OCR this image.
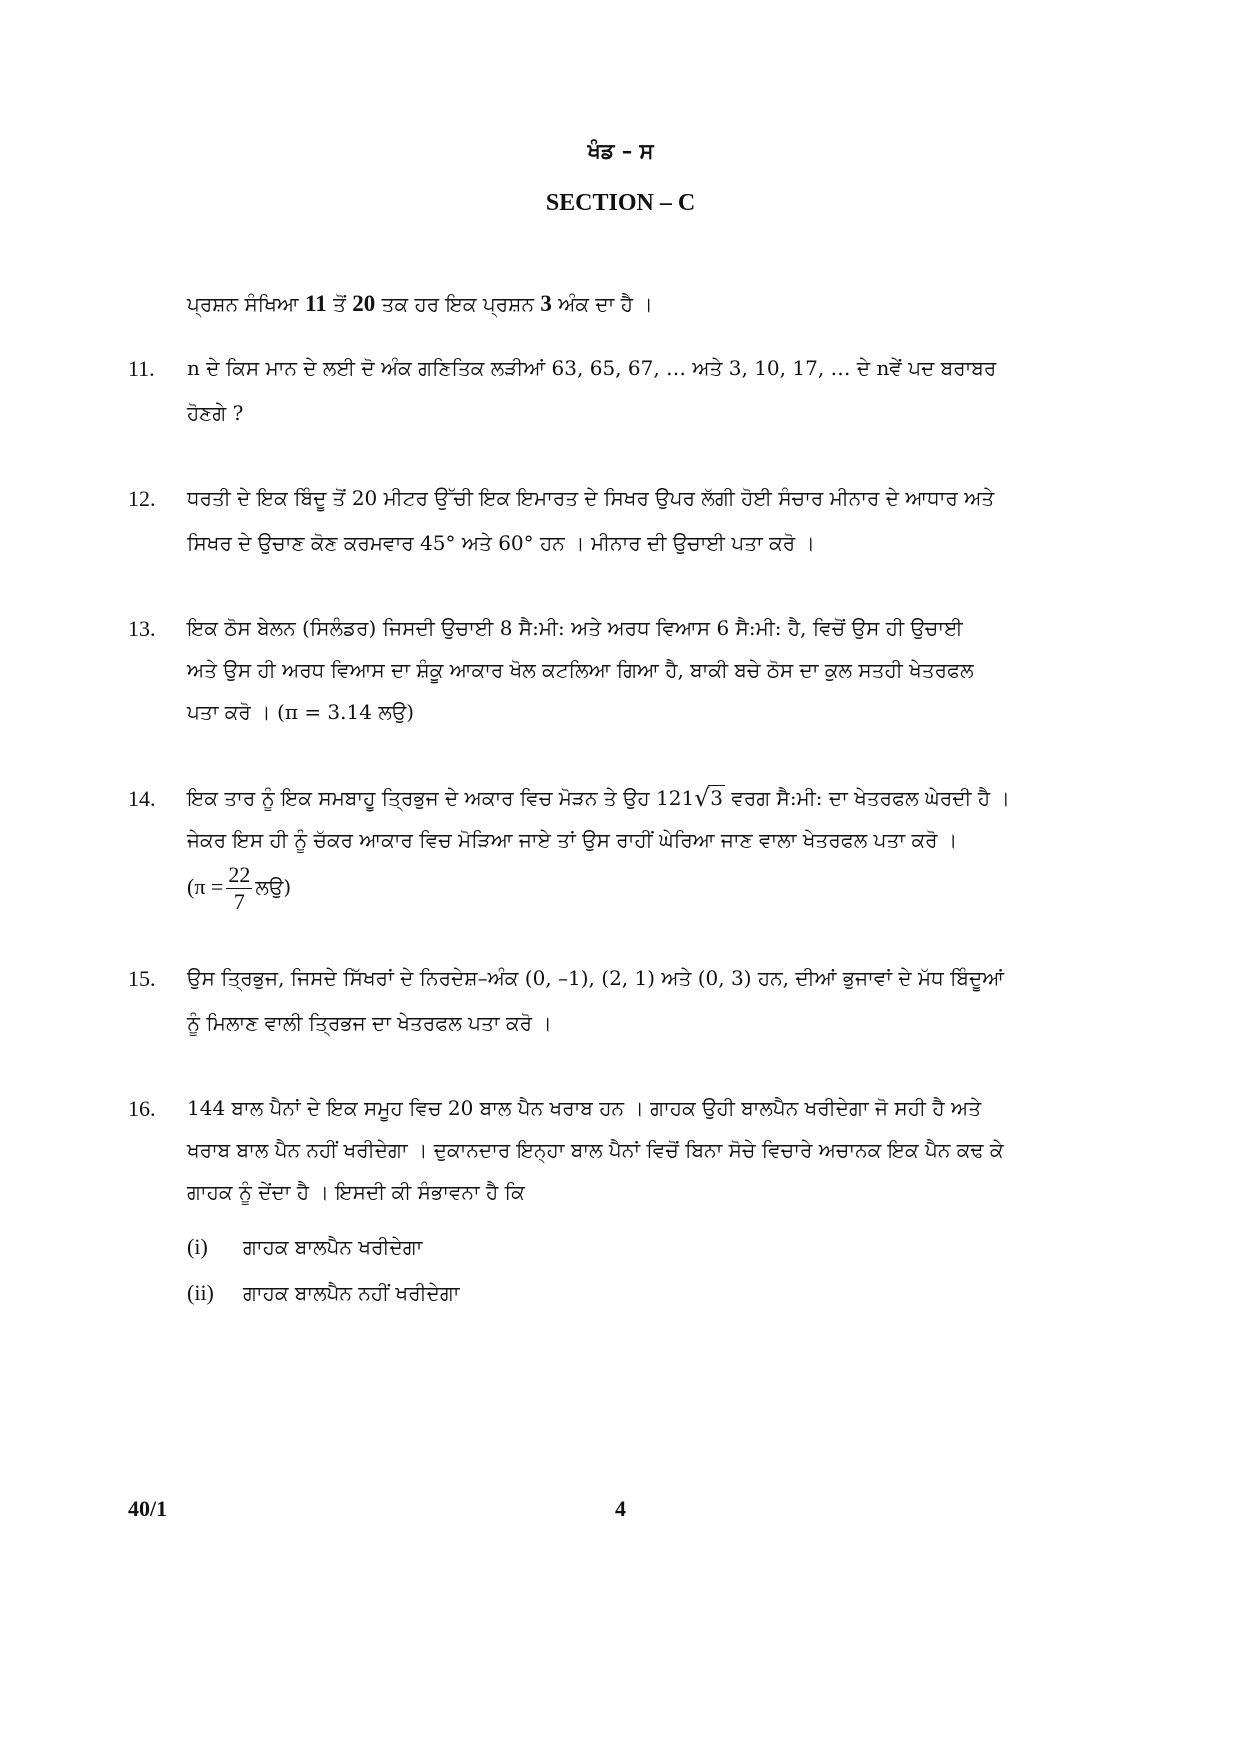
ਖੰਡ – ਸ
SECTION – C
ਪ੍ਰਸ਼ਨ ਸੰਖਿਆ 11 ਤੋਂ 20 ਤਕ ਹਰ ਇਕ ਪ੍ਰਸ਼ਨ 3 ਅੰਕ ਦਾ ਹੈ ।
11. n ਦੇ ਕਿਸ ਮਾਨ ਦੇ ਲਈ ਦੋ ਅੰਕ ਗਣਿਤਿਕ ਲੜੀਆਂ 63, 65, 67, … ਅਤੇ 3, 10, 17, … ਦੇ nਵੇਂ ਪਦ ਬਰਾਬਰ
ਹੋਣਗੇ ?
12. ਧਰਤੀ ਦੇ ਇਕ ਬਿੰਦੂ ਤੋਂ 20 ਮੀਟਰ ਉੱਚੀ ਇਕ ਇਮਾਰਤ ਦੇ ਸਿਖਰ ਉਪਰ ਲੱਗੀ ਹੋਈ ਸੰਚਾਰ ਮੀਨਾਰ ਦੇ ਆਧਾਰ ਅਤੇ
ਸਿਖਰ ਦੇ ਉਚਾਣ ਕੋਣ ਕਰਮਵਾਰ 45° ਅਤੇ 60° ਹਨ । ਮੀਨਾਰ ਦੀ ਉਚਾਈ ਪਤਾ ਕਰੋ ।
13. ਇਕ ਠੋਸ ਬੇਲਨ (ਸਿਲੰਡਰ) ਜਿਸਦੀ ਉਚਾਈ 8 ਸੈ:ਮੀ: ਅਤੇ ਅਰਧ ਵਿਆਸ 6 ਸੈ:ਮੀ: ਹੈ, ਵਿਚੋਂ ਉਸ ਹੀ ਉਚਾਈ
ਅਤੇ ਉਸ ਹੀ ਅਰਧ ਵਿਆਸ ਦਾ ਸ਼ੰਕੂ ਆਕਾਰ ਖੋਲ ਕਟਲਿਆ ਗਿਆ ਹੈ, ਬਾਕੀ ਬਚੇ ਠੋਸ ਦਾ ਕੁਲ ਸਤਹੀ ਖੇਤਰਫਲ
ਪਤਾ ਕਰੋ । (π = 3.14 ਲਉ)
14. ਇਕ ਤਾਰ ਨੂੰ ਇਕ ਸਮਬਾਹੂ ਤ੍ਰਿਭੁਜ ਦੇ ਅਕਾਰ ਵਿਚ ਮੋੜਨ ਤੇ ਉਹ 121√ 3 ਵਰਗ ਸੈ:ਮੀ: ਦਾ ਖੇਤਰਫਲ ਘੇਰਦੀ ਹੈ ।
ਜੇਕਰ ਇਸ ਹੀ ਨੂੰ ਚੱਕਰ ਆਕਾਰ ਵਿਚ ਮੋੜਿਆ ਜਾਏ ਤਾਂ ਉਸ ਰਾਹੀਂ ਘੇਰਿਆ ਜਾਣ ਵਾਲਾ ਖੇਤਰਫਲ ਪਤਾ ਕਰੋ ।
($\pi = \frac{22}{7}$ ਲਉ)
15. ਉਸ ਤ੍ਰਿਭੁਜ, ਜਿਸਦੇ ਸਿੱਖਰਾਂ ਦੇ ਨਿਰਦੇਸ਼–ਅੰਕ (0, –1), (2, 1) ਅਤੇ (0, 3) ਹਨ, ਦੀਆਂ ਭੁਜਾਵਾਂ ਦੇ ਮੱਧ ਬਿੰਦੂਆਂ
ਨੂੰ ਮਿਲਾਣ ਵਾਲੀ ਤ੍ਰਿਭਜ ਦਾ ਖੇਤਰਫਲ ਪਤਾ ਕਰੋ ।
16. 144 ਬਾਲ ਪੈਨਾਂ ਦੇ ਇਕ ਸਮੂਹ ਵਿਚ 20 ਬਾਲ ਪੈਨ ਖਰਾਬ ਹਨ । ਗਾਹਕ ਉਹੀ ਬਾਲਪੈਨ ਖਰੀਦੇਗਾ ਜੋ ਸਹੀ ਹੈ ਅਤੇ
ਖਰਾਬ ਬਾਲ ਪੈਨ ਨਹੀਂ ਖਰੀਦੇਗਾ । ਦੁਕਾਨਦਾਰ ਇਨ੍ਹਾ ਬਾਲ ਪੈਨਾਂ ਵਿਚੋਂ ਬਿਨਾ ਸੋਚੇ ਵਿਚਾਰੇ ਅਚਾਨਕ ਇਕ ਪੈਨ ਕਢ ਕੇ
ਗਾਹਕ ਨੂੰ ਦੇਂਦਾ ਹੈ । ਇਸਦੀ ਕੀ ਸੰਭਾਵਨਾ ਹੈ ਕਿ
(i) ਗਾਹਕ ਬਾਲਪੈਨ ਖਰੀਦੇਗਾ
(ii) ਗਾਹਕ ਬਾਲਪੈਨ ਨਹੀਂ ਖਰੀਦੇਗਾ
40/1	4
